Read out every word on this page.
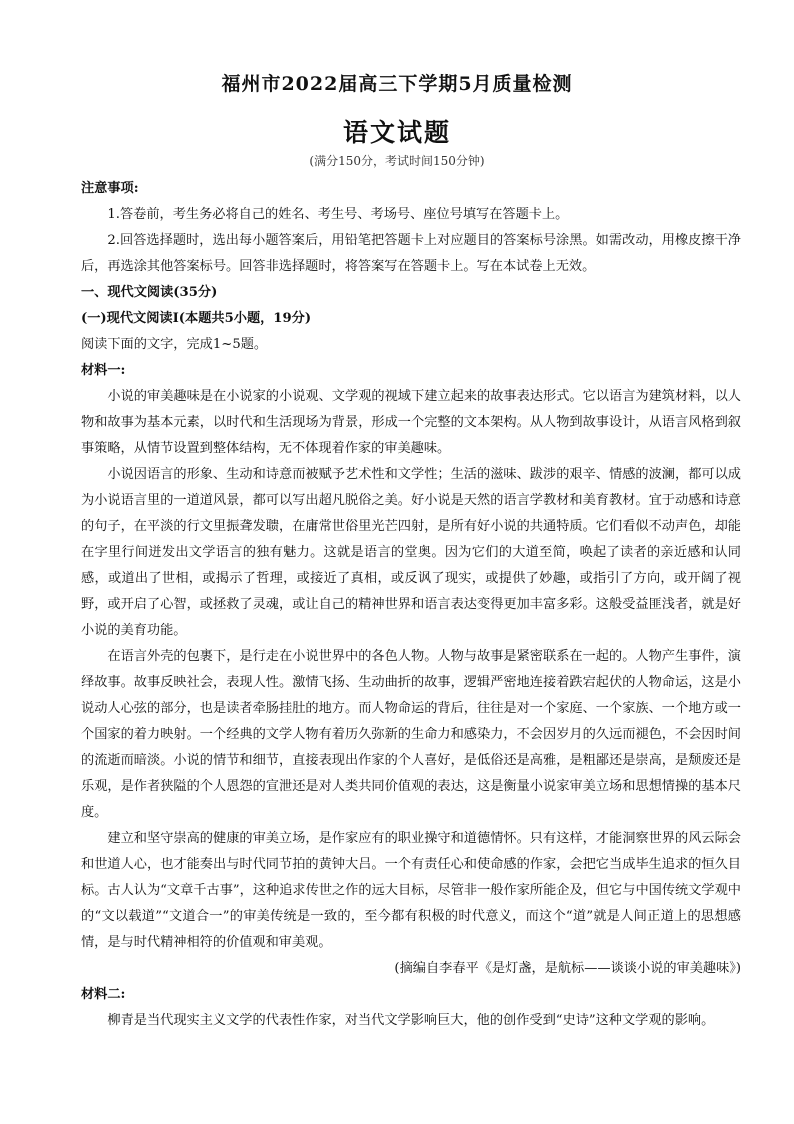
福州市2022届高三下学期5月质量检测
语文试题
(满分150分，考试时间150分钟)
注意事项:
1.答卷前，考生务必将自己的姓名、考生号、考场号、座位号填写在答题卡上。
2.回答选择题时，选出每小题答案后，用铅笔把答题卡上对应题目的答案标号涂黑。如需改动，用橡皮擦干净后，再选涂其他答案标号。回答非选择题时，将答案写在答题卡上。写在本试卷上无效。
一、现代文阅读(35分)
(一)现代文阅读Ⅰ(本题共5小题，19分)
阅读下面的文字，完成1~5题。
材料一:
小说的审美趣味是在小说家的小说观、文学观的视域下建立起来的故事表达形式。它以语言为建筑材料，以人物和故事为基本元素，以时代和生活现场为背景，形成一个完整的文本架构。从人物到故事设计，从语言风格到叙事策略，从情节设置到整体结构，无不体现着作家的审美趣味。
小说因语言的形象、生动和诗意而被赋予艺术性和文学性；生活的滋味、跋涉的艰辛、情感的波澜，都可以成为小说语言里的一道道风景，都可以写出超凡脱俗之美。好小说是天然的语言学教材和美育教材。宜于动感和诗意的句子，在平淡的行文里振聋发聩，在庸常世俗里光芒四射，是所有好小说的共通特质。它们看似不动声色，却能在字里行间迸发出文学语言的独有魅力。这就是语言的堂奥。因为它们的大道至简，唤起了读者的亲近感和认同感，或道出了世相，或揭示了哲理，或接近了真相，或反讽了现实，或提供了妙趣，或指引了方向，或开阔了视野，或开启了心智，或拯救了灵魂，或让自己的精神世界和语言表达变得更加丰富多彩。这般受益匪浅者，就是好小说的美育功能。
在语言外壳的包裹下，是行走在小说世界中的各色人物。人物与故事是紧密联系在一起的。人物产生事件，演绎故事。故事反映社会，表现人性。激情飞扬、生动曲折的故事，逻辑严密地连接着跌宕起伏的人物命运，这是小说动人心弦的部分，也是读者牵肠挂肚的地方。而人物命运的背后，往往是对一个家庭、一个家族、一个地方或一个国家的着力映射。一个经典的文学人物有着历久弥新的生命力和感染力，不会因岁月的久远而褪色，不会因时间的流逝而暗淡。小说的情节和细节，直接表现出作家的个人喜好，是低俗还是高雅，是粗鄙还是崇高，是颓废还是乐观，是作者狭隘的个人恩怨的宣泄还是对人类共同价值观的表达，这是衡量小说家审美立场和思想情操的基本尺度。
建立和坚守崇高的健康的审美立场，是作家应有的职业操守和道德情怀。只有这样，才能洞察世界的风云际会和世道人心，也才能奏出与时代同节拍的黄钟大吕。一个有责任心和使命感的作家，会把它当成毕生追求的恒久目标。古人认为“文章千古事”，这种追求传世之作的远大目标，尽管非一般作家所能企及，但它与中国传统文学观中的“文以载道”“文道合一”的审美传统是一致的，至今都有积极的时代意义，而这个“道”就是人间正道上的思想感情，是与时代精神相符的价值观和审美观。
(摘编自李春平《是灯盏，是航标——谈谈小说的审美趣味》)
材料二:
柳青是当代现实主义文学的代表性作家，对当代文学影响巨大，他的创作受到“史诗”这种文学观的影响。
